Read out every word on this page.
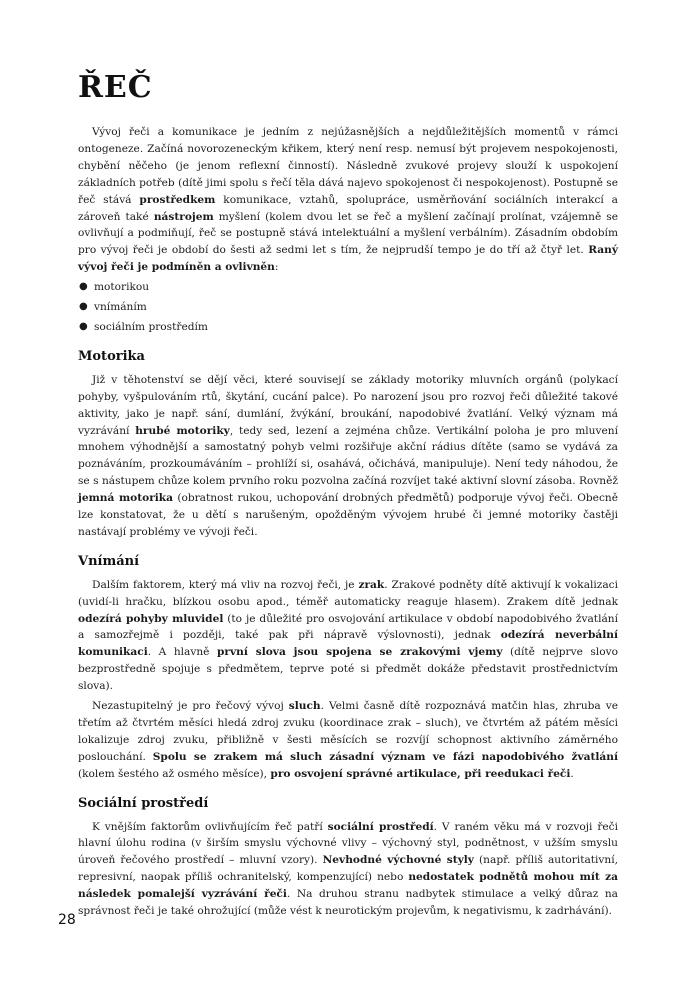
ŘEČ

Vývoj řeči a komunikace je jedním z nejúžasnějších a nejdůležitějších momentů v rámci ontogeneze. Začíná novorozeneckým křikem, který není resp. nemusí být projevem nespokojenosti, chybění něčeho (je jenom reflexní činností). Následně zvukové projevy slouží k uspokojení základních potřeb (dítě jimi spolu s řečí těla dává najevo spokojenost či nespokojenost). Postupně se řeč stává prostředkem komunikace, vztahů, spolupráce, usměrňování sociálních interakcí a zároveň také nástrojem myšlení (kolem dvou let se řeč a myšlení začínají prolínat, vzájemně se ovlivňují a podmiňují, řeč se postupně stává intelektuální a myšlení verbálním). Zásadním obdobím pro vývoj řeči je období do šesti až sedmi let s tím, že nejprudší tempo je do tří až čtyř let. Raný vývoj řeči je podmíněn a ovlivněn:

● motorikou
● vnímáním
● sociálním prostředím
Motorika

Již v těhotenství se dějí věci, které souvisejí se základy motoriky mluvních orgánů (polykací pohyby, vyšpulováním rtů, škytání, cucání palce). Po narození jsou pro rozvoj řeči důležité takové aktivity, jako je např. sání, dumlání, žvýkání, broukání, napodobivé žvatlání. Velký význam má vyzrávání hrubé motoriky, tedy sed, lezení a zejména chůze. Vertikální poloha je pro mluvení mnohem výhodnější a samostatný pohyb velmi rozšiřuje akční rádius dítěte (samo se vydává za poznáváním, prozkoumáváním – prohlíží si, osahává, očichává, manipuluje). Není tedy náhodou, že se s nástupem chůze kolem prvního roku pozvolna začíná rozvíjet také aktivní slovní zásoba. Rovněž jemná motorika (obratnost rukou, uchopování drobných předmětů) podporuje vývoj řeči. Obecně lze konstatovat, že u dětí s narušeným, opožděným vývojem hrubé či jemné motoriky častěji nastávají problémy ve vývoji řeči.

Vnímání

Dalším faktorem, který má vliv na rozvoj řeči, je zrak. Zrakové podněty dítě aktivují k vokalizaci (uvidí-li hračku, blízkou osobu apod., téměř automaticky reaguje hlasem). Zrakem dítě jednak odezírá pohyby mluvidel (to je důležité pro osvojování artikulace v období napodobivého žvatlání a samozřejmě i později, také pak při nápravě výslovnosti), jednak odezírá neverbální komunikaci. A hlavně první slova jsou spojena se zrakovými vjemy (dítě nejprve slovo bezprostředně spojuje s předmětem, teprve poté si předmět dokáže představit prostřednictvím slova).

Nezastupitelný je pro řečový vývoj sluch. Velmi časně dítě rozpoznává matčin hlas, zhruba ve třetím až čtvrtém měsíci hledá zdroj zvuku (koordinace zrak – sluch), ve čtvrtém až pátém měsíci lokalizuje zdroj zvuku, přibližně v šesti měsících se rozvíjí schopnost aktivního záměrného poslouchání. Spolu se zrakem má sluch zásadní význam ve fázi napodobivého žvatlání (kolem šestého až osmého měsíce), pro osvojení správné artikulace, při reedukaci řeči.

Sociální prostředí

K vnějším faktorům ovlivňujícím řeč patří sociální prostředí. V raném věku má v rozvoji řeči hlavní úlohu rodina (v širším smyslu výchovné vlivy – výchovný styl, podnětnost, v užším smyslu úroveň řečového prostředí – mluvní vzory). Nevhodné výchovné styly (např. příliš autoritativní, represivní, naopak příliš ochranitelský, kompenzující) nebo nedostatek podnětů mohou mít za následek pomalejší vyzrávání řeči. Na druhou stranu nadbytek stimulace a velký důraz na správnost řeči je také ohrožující (může vést k neurotickým projevům, k negativismu, k zadrhávání).

28
